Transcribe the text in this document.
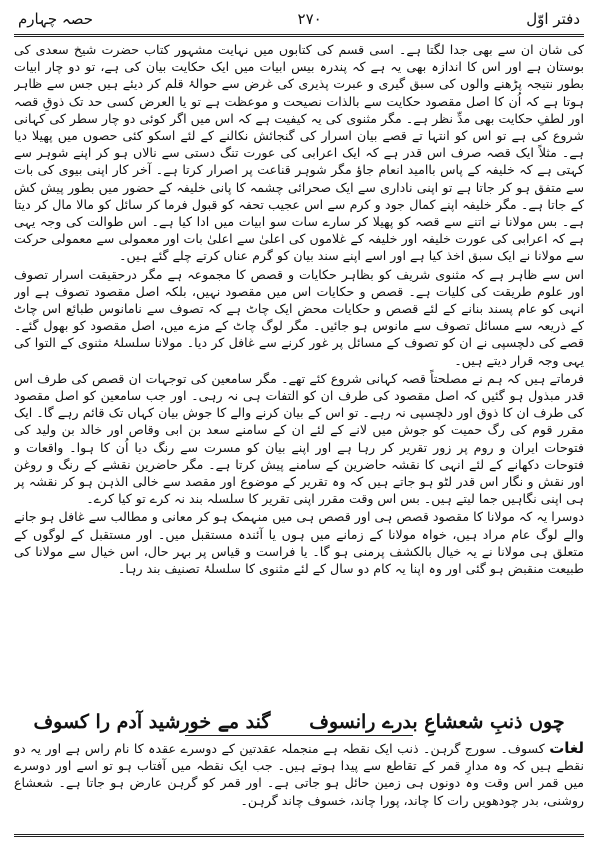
دفتر اوّل
۲۷۰
حصہ چہارم

کی شان ان سے بھی جدا لگتا ہے۔ اسی قسم کی کتابوں میں نہایت مشہور کتاب حضرت شیخ سعدی کی بوستان ہے اور اس کا اندازہ بھی یہ ہے کہ پندرہ بیس ابیات میں ایک حکایت بیان کی ہے، تو دو چار ابیات بطور نتیجہ پڑھنے والوں کی سبق گیری و عبرت پذیری کی غرض سے حوالۂ قلم کر دیئے ہیں جس سے ظاہر ہوتا ہے کہ اُن کا اصل مقصود حکایت سے بالذات نصیحت و موعظت ہے تو یا العرض کسی حد تک ذوقِ قصہ اور لطفِ حکایت بھی مدِّ نظر ہے۔ مگر مثنوی کی یہ کیفیت ہے کہ اس میں اگر کوئی دو چار سطر کی کہانی شروع کی ہے تو اس کو انتہا تے قصے بیان اسرار کی گنجائش نکالنے کے لئے اسکو کئی حصوں میں پھیلا دیا ہے۔ مثلاً ایک قصہ صرف اس قدر ہے کہ ایک اعرابی کی عورت تنگ دستی سے نالاں ہو کر اپنے شوہر سے کہتی ہے کہ خلیفہ کے پاس باامید انعام جاؤ مگر شوہر قناعت پر اصرار کرتا ہے۔ آخر کار اپنی بیوی کی بات سے متفق ہو کر جاتا ہے تو اپنی ناداری سے ایک صحرائی چشمہ کا پانی خلیفہ کے حضور میں بطور پیش کش کے جاتا ہے۔ مگر خلیفہ اپنے کمال جود و کرم سے اس عجیب تحفہ کو قبول فرما کر سائل کو مالا مال کر دیتا ہے۔ بس مولانا نے اتنے سے قصہ کو پھیلا کر سارے سات سو ابیات میں ادا کیا ہے۔ اس طوالت کی وجہ یہی ہے کہ اعرابی کی عورت خلیفہ اور خلیفہ کے غلاموں کی اعلیٰ سے اعلیٰ بات اور معمولی سے معمولی حرکت سے مولانا نے ایک سبق اخذ کیا ہے اور اسے اپنے سند بیان کو گرم عناں کرتے چلے گئے ہیں۔

اس سے ظاہر ہے کہ مثنوی شریف کو بظاہر حکایات و قصص کا مجموعہ ہے مگر درحقیقت اسرار تصوف اور علوم طریقت کی کلیات ہے۔ قصص و حکایات اس میں مقصود نہیں، بلکہ اصل مقصود تصوف ہے اور انہی کو عام پسند بنانے کے لئے قصص و حکایات محض ایک چاٹ ہے کہ تصوف سے نامانوس طبائع اس چاٹ کے ذریعہ سے مسائل تصوف سے مانوس ہو جائیں۔ مگر لوگ چاٹ کے مزے میں، اصل مقصود کو بھول گئے۔ قصے کی دلچسپی نے ان کو تصوف کے مسائل پر غور کرنے سے غافل کر دیا۔ مولانا سلسلۂ مثنوی کے التوا کی یہی وجہ قرار دیتے ہیں۔

فرماتے ہیں کہ ہم نے مصلحتاً قصہ کہانی شروع کئے تھے۔ مگر سامعین کی توجہات ان قصص کی طرف اس قدر مبذول ہو گئیں کہ اصل مقصود کی طرف ان کو التفات ہی نہ رہی۔ اور جب سامعین کو اصل مقصود کی طرف ان کا ذوق اور دلچسپی نہ رہے۔ تو اس کے بیان کرنے والے کا جوش بیان کہاں تک قائم رہے گا۔ ایک مقرر قوم کی رگ حمیت کو جوش میں لانے کے لئے ان کے سامنے سعد بن ابی وقاص اور خالد بن ولید کی فتوحات ایران و روم پر زور تقریر کر رہا ہے اور اپنے بیان کو مسرت سے رنگ دیا اُن کا ہوا۔ واقعات و فتوحات دکھانے کے لئے انہی کا نقشہ حاضرین کے سامنے پیش کرتا ہے۔ مگر حاضرین نقشے کے رنگ و روغن اور نقش و نگار اس قدر لٹو ہو جاتے ہیں کہ وہ تقریر کے موضوع اور مقصد سے خالی الذہن ہو کر نقشہ پر ہی اپنی نگاہیں جما لیتے ہیں۔ بس اس وقت مقرر اپنی تقریر کا سلسلہ بند نہ کرے تو کیا کرے۔

دوسرا یہ کہ مولانا کا مقصود قصص ہی اور قصص ہی میں منہمک ہو کر معانی و مطالب سے غافل ہو جانے والے لوگ عام مراد ہیں، خواہ مولانا کے زمانے میں ہوں یا آئندہ مستقبل میں۔ اور مستقبل کے لوگوں کے متعلق ہی مولانا نے یہ خیال بالکشف پرمنی ہو گا۔ یا فراست و قیاس پر بہر حال، اس خیال سے مولانا کی طبیعت منقبض ہو گئی اور وہ اپنا یہ کام دو سال کے لئے مثنوی کا سلسلۂ تصنیف بند رہا۔

گند مے خورشید آدم را کسوف	چوں ذنبِ شعشاعِ بدرے رانسوف
لغات کسوف۔ سورج گرہن۔ ذنب ایک نقطہ ہے منجملہ عقدتین کے دوسرے عقدہ کا نام راس ہے اور یہ دو نقطے ہیں کہ وہ مدارِ قمر کے تقاطع سے پیدا ہوتے ہیں۔ جب ایک نقطہ میں آفتاب ہو تو اسے اور دوسرے میں قمر اس وقت وہ دونوں ہی زمین حائل ہو جاتی ہے۔ اور قمر کو گرہن عارض ہو جاتا ہے۔ شعشاع روشنی، بدر چودھویں رات کا چاند، پورا چاند، خسوف چاند گرہن۔
